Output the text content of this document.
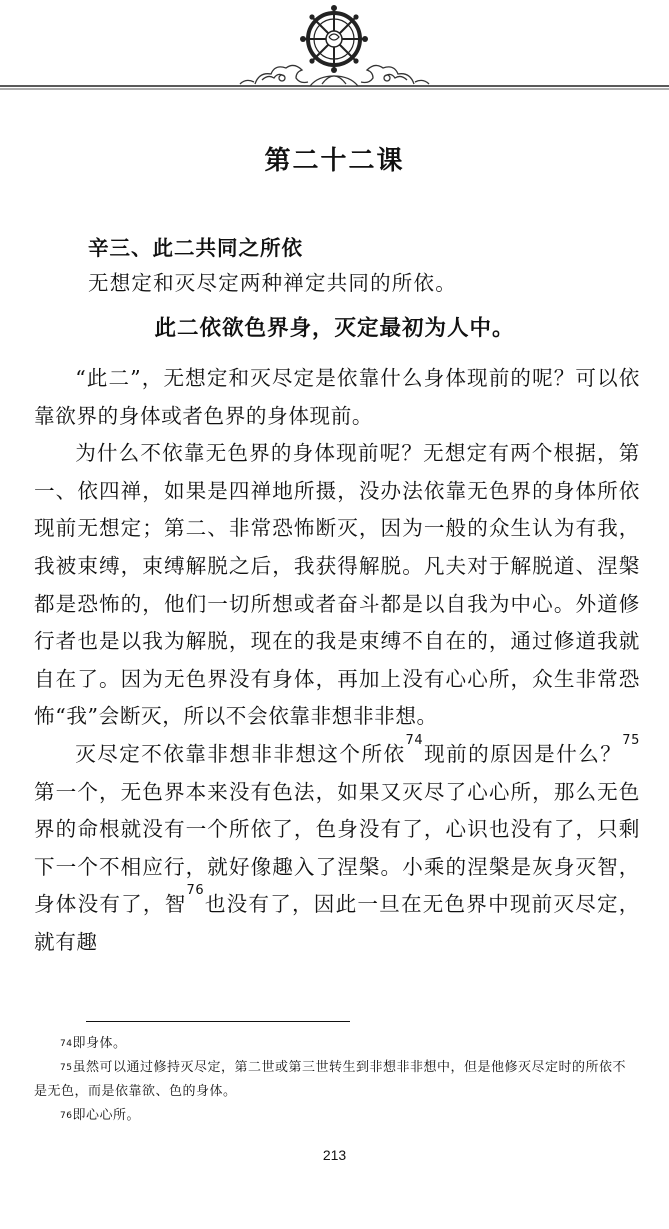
第二十二课
辛三、此二共同之所依
无想定和灭尽定两种禅定共同的所依。
此二依欲色界身，灭定最初为人中。

“此二”，无想定和灭尽定是依靠什么身体现前的呢？可以依靠欲界的身体或者色界的身体现前。

为什么不依靠无色界的身体现前呢？无想定有两个根据，第一、依四禅，如果是四禅地所摄，没办法依靠无色界的身体所依现前无想定；第二、非常恐怖断灭，因为一般的众生认为有我，我被束缚，束缚解脱之后，我获得解脱。凡夫对于解脱道、涅槃都是恐怖的，他们一切所想或者奋斗都是以自我为中心。外道修行者也是以我为解脱，现在的我是束缚不自在的，通过修道我就自在了。因为无色界没有身体，再加上没有心心所，众生非常恐怖“我”会断灭，所以不会依靠非想非非想。

灭尽定不依靠非想非非想这个所依$^{74}$现前的原因是什么？$^{75}$第一个，无色界本来没有色法，如果又灭尽了心心所，那么无色界的命根就没有一个所依了，色身没有了，心识也没有了，只剩下一个不相应行，就好像趣入了涅槃。小乘的涅槃是灰身灭智，身体没有了，智$^{76}$也没有了，因此一旦在无色界中现前灭尽定，就有趣

$^{74}$即身体。
$^{75}$虽然可以通过修持灭尽定，第二世或第三世转生到非想非非想中，但是他修灭尽定时的所依不是无色，而是依靠欲、色的身体。
$^{76}$即心心所。
213
